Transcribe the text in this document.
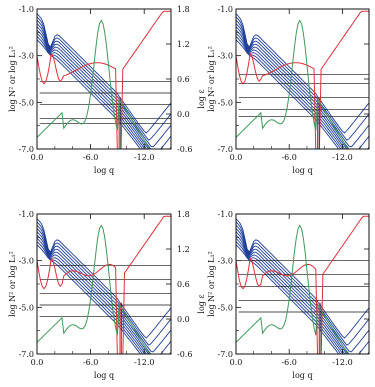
0.0	-6.0	-12.0
-1.0
-3.0
-5.0
-7.0
1.8
1.2
0.6
0.0
-0.6
log q
log N² or log L₁²	log ε
0.0	-6.0	-12.0
-1.0
-3.0
-5.0
-7.0
log q
log N² or log L₁²
0.0	-6.0	-12.0
-1.0
-3.0
-5.0
-7.0
1.8
1.2
0.6
0.0
-0.6
log q
log N² or log L₁²	log ε
0.0	-6.0	-12.0
-1.0
-3.0
-5.0
-7.0
log q
log N² or log L₁²
